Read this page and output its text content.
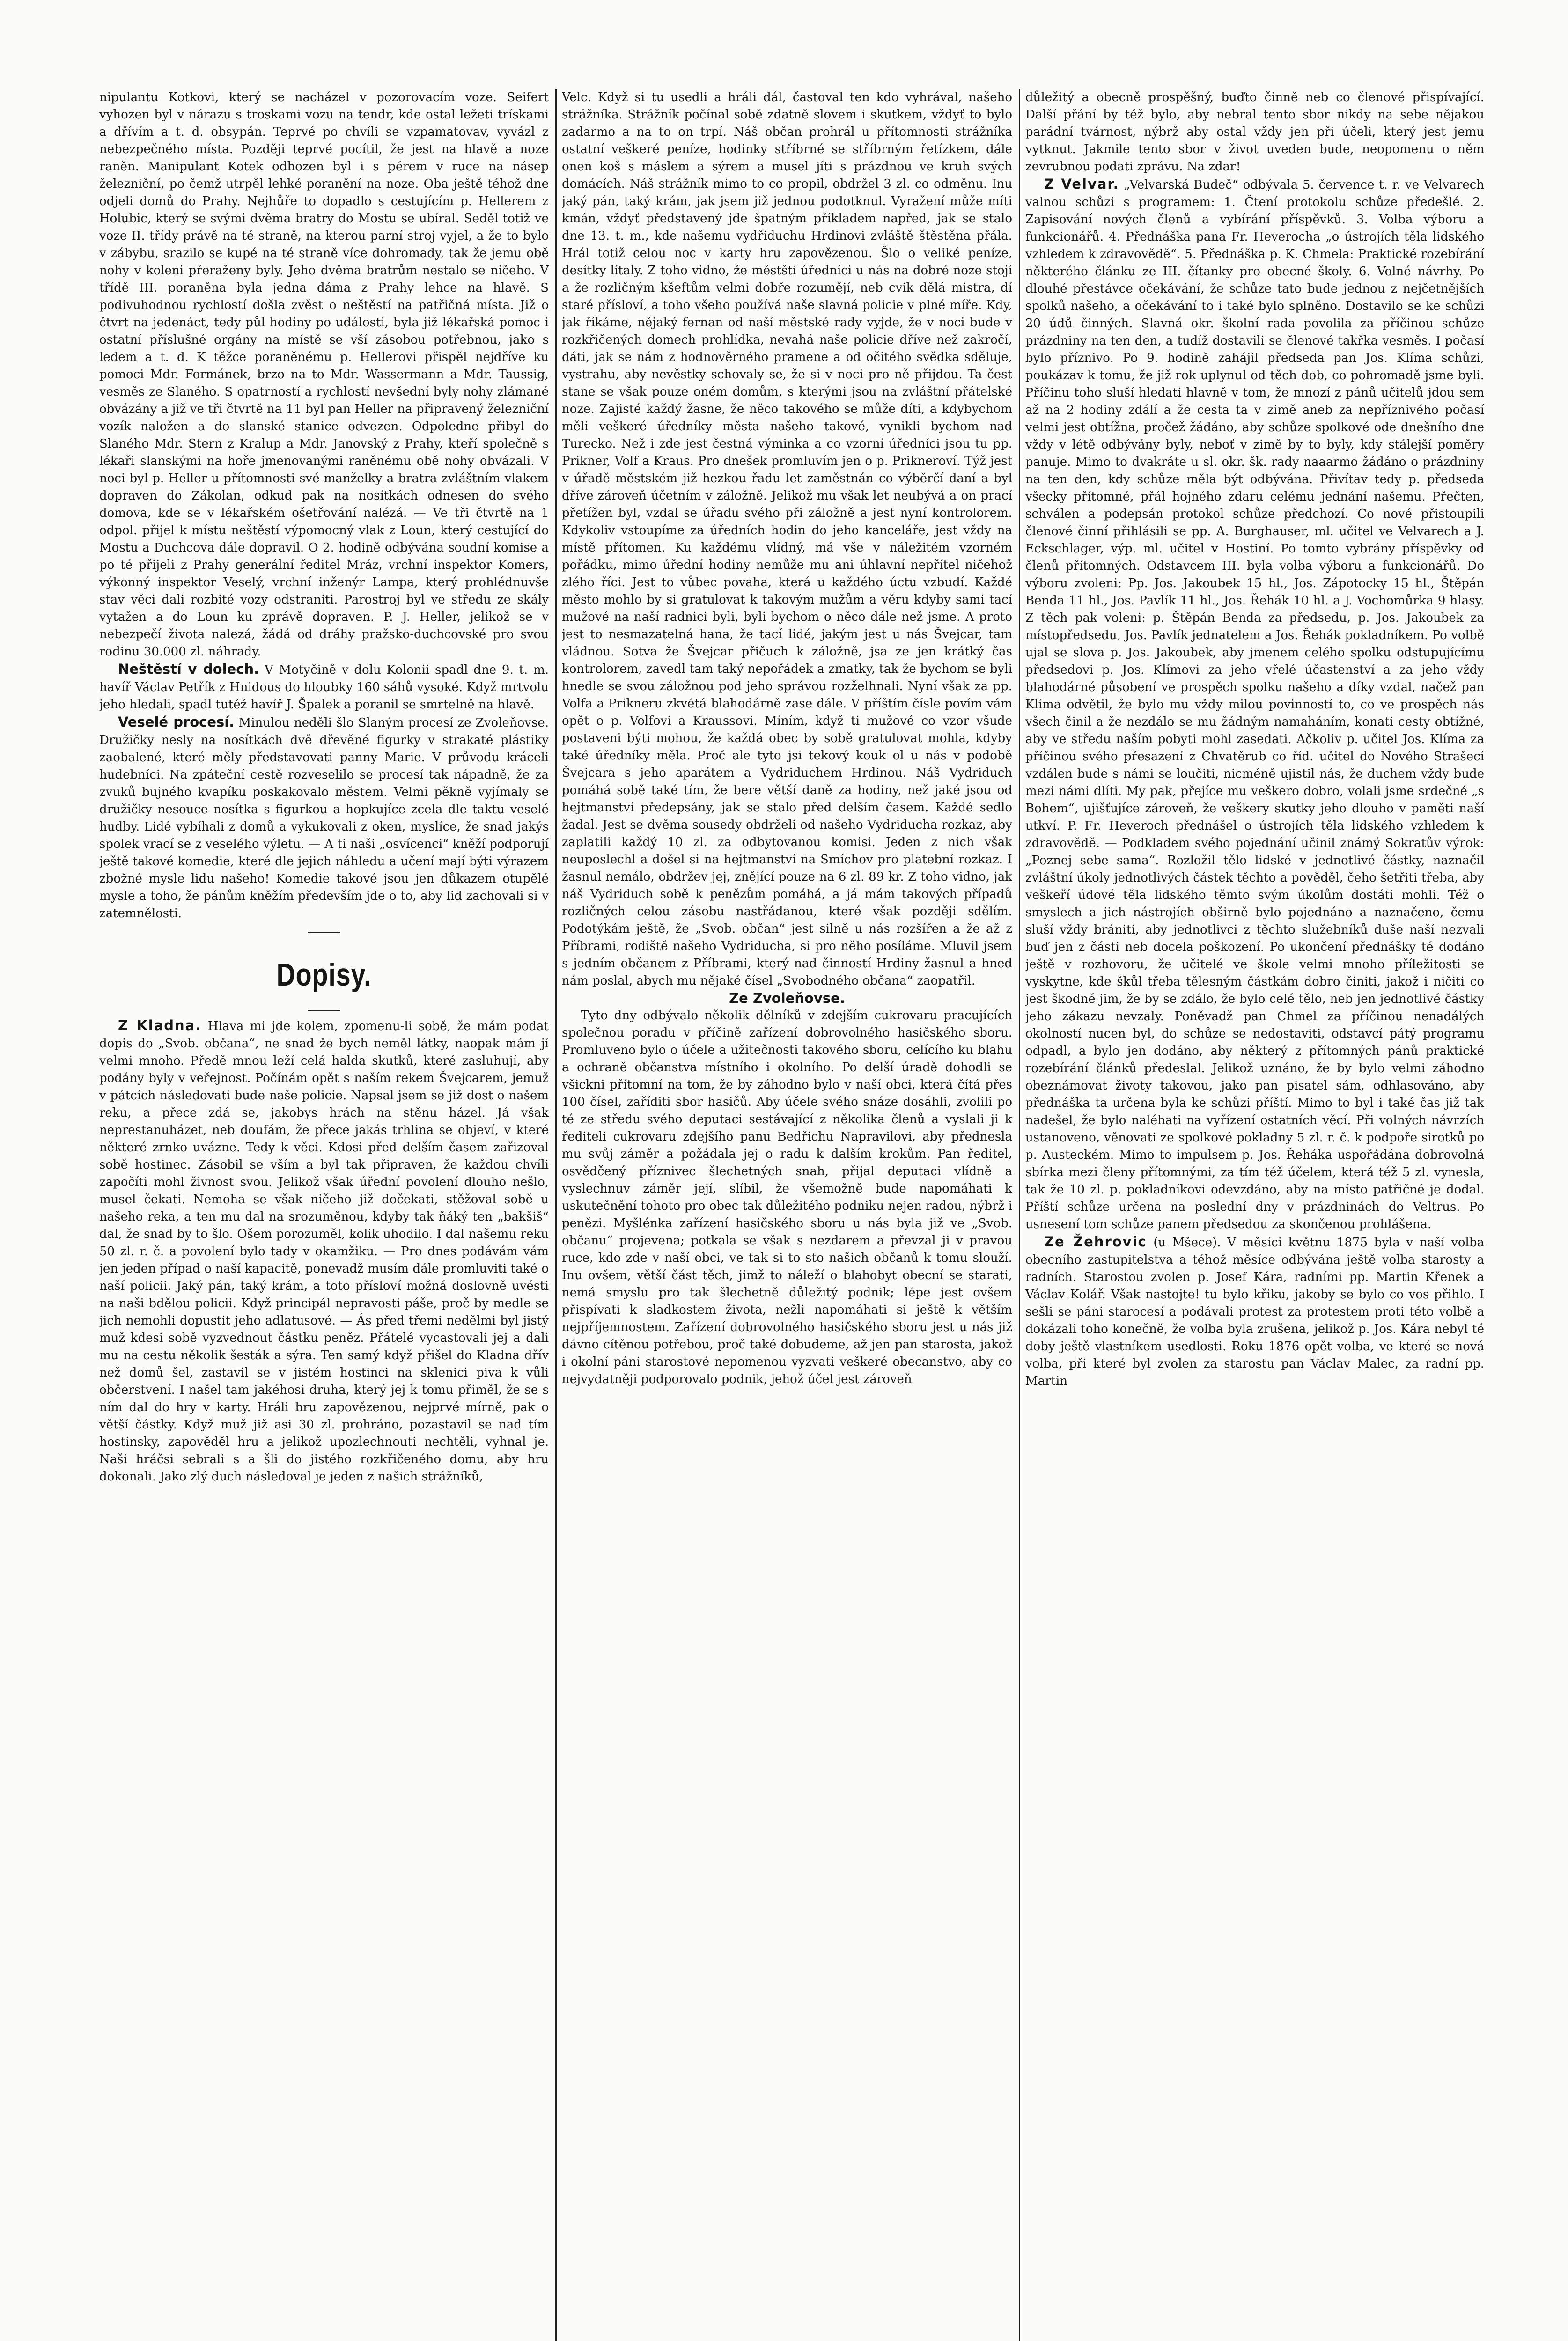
nipulantu Kotkovi, který se nacházel v pozorovacím voze. Seifert vyhozen byl v nárazu s troskami vozu na tendr, kde ostal ležeti trískami a dřívím a t. d. obsypán. Teprvé po chvíli se vzpamatovav, vyvázl z nebezpečného místa. Později teprvé pocítil, že jest na hlavě a noze raněn. Manipulant Kotek odhozen byl i s pérem v ruce na násep železniční, po čemž utrpěl lehké poranění na noze. Oba ještě téhož dne odjeli domů do Prahy. Nejhůře to dopadlo s cestujícím p. Hellerem z Holubic, který se svými dvěma bratry do Mostu se ubíral. Seděl totiž ve voze II. třídy právě na té straně, na kterou parní stroj vyjel, a že to bylo v zábybu, srazilo se kupé na té straně více dohromady, tak že jemu obě nohy v koleni přeraženy byly. Jeho dvěma bratrům nestalo se ničeho. V třídě III. poraněna byla jedna dáma z Prahy lehce na hlavě. S podivuhodnou rychlostí došla zvěst o neštěstí na patřičná místa. Již o čtvrt na jedenáct, tedy půl hodiny po události, byla již lékařská pomoc i ostatní příslušné orgány na místě se vší zásobou potřebnou, jako s ledem a t. d. K těžce poraněnému p. Hellerovi přispěl nejdříve ku pomoci Mdr. Formánek, brzo na to Mdr. Wassermann a Mdr. Taussig, vesměs ze Slaného. S opatrností a rychlostí nevšední byly nohy zlámané obvázány a již ve tři čtvrtě na 11 byl pan Heller na připravený železniční vozík naložen a do slanské stanice odvezen. Odpoledne přibyl do Slaného Mdr. Stern z Kralup a Mdr. Janovský z Prahy, kteří společně s lékaři slanskými na hoře jmenovanými raněnému obě nohy obvázali. V noci byl p. Heller u přítomnosti své manželky a bratra zvláštním vlakem dopraven do Zákolan, odkud pak na nosítkách odnesen do svého domova, kde se v lékařském ošetřování nalézá. — Ve tři čtvrtě na 1 odpol. přijel k místu neštěstí výpomocný vlak z Loun, který cestující do Mostu a Duchcova dále dopravil. O 2. hodině odbývána soudní komise a po té přijeli z Prahy generální ředitel Mráz, vrchní inspektor Komers, výkonný inspektor Veselý, vrchní inženýr Lampa, který prohlédnuvše stav věci dali rozbité vozy odstraniti. Parostroj byl ve středu ze skály vytažen a do Loun ku zprávě dopraven. P. J. Heller, jelikož se v nebezpečí života nalezá, žádá od dráhy pražsko-duchcovské pro svou rodinu 30.000 zl. náhrady.

Neštěstí v dolech. V Motyčině v dolu Kolonii spadl dne 9. t. m. havíř Václav Petřík z Hnidous do hloubky 160 sáhů vysoké. Když mrtvolu jeho hledali, spadl tutéž havíř J. Špalek a poranil se smrtelně na hlavě.

Veselé procesí. Minulou neděli šlo Slaným procesí ze Zvoleňovse. Družičky nesly na nosítkách dvě dřevěné figurky v strakaté plástiky zaobalené, které měly představovati panny Marie. V průvodu kráceli hudebníci. Na zpáteční cestě rozveselilo se procesí tak nápadně, že za zvuků bujného kvapíku poskakovalo městem. Velmi pěkně vyjímaly se družičky nesouce nosítka s figurkou a hopkujíce zcela dle taktu veselé hudby. Lidé vybíhali z domů a vykukovali z oken, myslíce, že snad jakýs spolek vrací se z veselého výletu. — A ti naši „osvícenci“ kněží podporují ještě takové komedie, které dle jejich náhledu a učení mají býti výrazem zbožné mysle lidu našeho! Komedie takové jsou jen důkazem otupělé mysle a toho, že pánům kněžím především jde o to, aby lid zachovali si v zatemnělosti.

Dopisy.

Z Kladna. Hlava mi jde kolem, zpomenu-li sobě, že mám podat dopis do „Svob. občana“, ne snad že bych neměl látky, naopak mám jí velmi mnoho. Předě mnou leží celá halda skutků, které zasluhují, aby podány byly v veřejnost. Počínám opět s naším rekem Švejcarem, jemuž v pátcích následovati bude naše policie. Napsal jsem se již dost o našem reku, a přece zdá se, jakobys hrách na stěnu házel. Já však neprestanuházet, neb doufám, že přece jakás trhlina se objeví, v které některé zrnko uvázne. Tedy k věci. Kdosi před delším časem zařizoval sobě hostinec. Zásobil se vším a byl tak připraven, že každou chvíli započíti mohl živnost svou. Jelikož však úřední povolení dlouho nešlo, musel čekati. Nemoha se však ničeho již dočekati, stěžoval sobě u našeho reka, a ten mu dal na srozuměnou, kdyby tak ňáký ten „bakšiš“ dal, že snad by to šlo. Ošem porozuměl, kolik uhodilo. I dal našemu reku 50 zl. r. č. a povolení bylo tady v okamžiku. — Pro dnes podávám vám jen jeden případ o naší kapacitě, ponevadž musím dále promluviti také o naší policii. Jaký pán, taký krám, a toto přísloví možná doslovně uvésti na naši bdělou policii. Když principál nepravosti páše, proč by medle se jich nemohli dopustit jeho adlatusové. — Ás před třemi nedělmi byl jistý muž kdesi sobě vyzvednout částku peněz. Přátelé vycastovali jej a dali mu na cestu několik šesták a sýra. Ten samý když přišel do Kladna dřív než domů šel, zastavil se v jistém hostinci na sklenici piva k vůli občerstvení. I našel tam jakéhosi druha, který jej k tomu přiměl, že se s ním dal do hry v karty. Hráli hru zapovězenou, nejprvé mírně, pak o větší částky. Když muž již asi 30 zl. prohráno, pozastavil se nad tím hostinsky, zapověděl hru a jelikož upozlechnouti nechtěli, vyhnal je. Naši hráčsi sebrali s a šli do jistého rozkřičeného domu, aby hru dokonali. Jako zlý duch následoval je jeden z našich strážníků,

Velc. Když si tu usedli a hráli dál, častoval ten kdo vyhrával, našeho strážníka. Strážník počínal sobě zdatně slovem i skutkem, vždyť to bylo zadarmo a na to on trpí. Náš občan prohrál u přítomnosti strážníka ostatní veškeré peníze, hodinky stříbrné se stříbrným řetízkem, dále onen koš s máslem a sýrem a musel jíti s prázdnou ve kruh svých domácích. Náš strážník mimo to co propil, obdržel 3 zl. co odměnu. Inu jaký pán, taký krám, jak jsem již jednou podotknul. Vyražení může míti kmán, vždyť představený jde špatným příkladem napřed, jak se stalo dne 13. t. m., kde našemu vydřiduchu Hrdinovi zvláště štěstěna přála. Hrál totiž celou noc v karty hru zapovězenou. Šlo o veliké peníze, desítky lítaly. Z toho vidno, že městští úředníci u nás na dobré noze stojí a že rozličným kšeftům velmi dobře rozumějí, neb cvik dělá mistra, dí staré přísloví, a toho všeho používá naše slavná policie v plné míře. Kdy, jak říkáme, nějaký fernan od naší městské rady vyjde, že v noci bude v rozkřičených domech prohlídka, nevahá naše policie dříve než zakročí, dáti, jak se nám z hodnověrného pramene a od očitého svědka sděluje, vystrahu, aby nevěstky schovaly se, že si v noci pro ně přijdou. Ta čest stane se však pouze oném domům, s kterými jsou na zvláštní přátelské noze. Zajisté každý žasne, že něco takového se může díti, a kdybychom měli veškeré úředníky města našeho takové, vynikli bychom nad Turecko. Než i zde jest čestná výminka a co vzorní úředníci jsou tu pp. Prikner, Volf a Kraus. Pro dnešek promluvím jen o p. Prikneroví. Týž jest v úřadě městském již hezkou řadu let zaměstnán co výběrčí daní a byl dříve zároveň účetním v záložně. Jelikož mu však let neubývá a on prací přetížen byl, vzdal se úřadu svého při záložně a jest nyní kontrolorem. Kdykoliv vstoupíme za úředních hodin do jeho kanceláře, jest vždy na místě přítomen. Ku každému vlídný, má vše v náležitém vzorném pořádku, mimo úřední hodiny nemůže mu ani úhlavní nepřítel ničehož zlého říci. Jest to vůbec povaha, která u každého úctu vzbudí. Každé město mohlo by si gratulovat k takovým mužům a věru kdyby sami tací mužové na naší radnici byli, byli bychom o něco dále než jsme. A proto jest to nesmazatelná hana, že tací lidé, jakým jest u nás Švejcar, tam vládnou. Sotva že Švejcar přičuch k záložně, jsa ze jen krátký čas kontrolorem, zavedl tam taký nepořádek a zmatky, tak že bychom se byli hnedle se svou záložnou pod jeho správou rozželhnali. Nyní však za pp. Volfa a Prikneru zkvétá blahodárně zase dále. V příštím čísle povím vám opět o p. Volfovi a Kraussovi. Míním, když ti mužové co vzor všude postaveni býti mohou, že každá obec by sobě gratulovat mohla, kdyby také úředníky měla. Proč ale tyto jsi tekový kouk ol u nás v podobě Švejcara s jeho aparátem a Vydriduchem Hrdinou. Náš Vydriduch pomáhá sobě také tím, že bere větší daně za hodiny, než jaké jsou od hejtmanství předepsány, jak se stalo před delším časem. Každé sedlo žadal. Jest se dvěma sousedy obdrželi od našeho Vydriducha rozkaz, aby zaplatili každý 10 zl. za odbytovanou komisi. Jeden z nich však neuposlechl a došel si na hejtmanství na Smíchov pro platební rozkaz. I žasnul nemálo, obdržev jej, znějící pouze na 6 zl. 89 kr. Z toho vidno, jak náš Vydriduch sobě k penězům pomáhá, a já mám takových případů rozličných celou zásobu nastřádanou, které však později sdělím. Podotýkám ještě, že „Svob. občan“ jest silně u nás rozšířen a že až z Příbrami, rodiště našeho Vydriducha, si pro něho posíláme. Mluvil jsem s jedním občanem z Příbrami, který nad činností Hrdiny žasnul a hned nám poslal, abych mu nějaké čísel „Svobodného občana“ zaopatřil.

Ze Zvoleňovse.

Tyto dny odbývalo několik dělníků v zdejším cukrovaru pracujících společnou poradu v příčině zařízení dobrovolného hasičského sboru. Promluveno bylo o účele a užitečnosti takového sboru, celícího ku blahu a ochraně občanstva místního i okolního. Po delší úradě dohodli se všickni přítomní na tom, že by záhodno bylo v naší obci, která čítá přes 100 čísel, zaříditi sbor hasičů. Aby účele svého snáze dosáhli, zvolili po té ze středu svého deputaci sestávající z několika členů a vyslali ji k řediteli cukrovaru zdejšího panu Bedřichu Napravilovi, aby přednesla mu svůj záměr a požádala jej o radu k dalším krokům. Pan ředitel, osvědčený příznivec šlechetných snah, přijal deputaci vlídně a vyslechnuv záměr její, slíbil, že všemožně bude napomáhati k uskutečnění tohoto pro obec tak důležitého podniku nejen radou, nýbrž i penězi. Myšlénka zařízení hasičského sboru u nás byla již ve „Svob. občanu“ projevena; potkala se však s nezdarem a převzal ji v pravou ruce, kdo zde v naší obci, ve tak si to sto našich občanů k tomu slouží. Inu ovšem, větší část těch, jimž to náleží o blahobyt obecní se starati, nemá smyslu pro tak šlechetně důležitý podnik; lépe jest ovšem přispívati k sladkostem života, nežli napomáhati si ještě k větším nejpříjemnostem. Zařízení dobrovolného hasičského sboru jest u nás již dávno cítěnou potřebou, proč také dobudeme, až jen pan starosta, jakož i okolní páni starostové nepomenou vyzvati veškeré obecanstvo, aby co nejvydatněji podporovalo podnik, jehož účel jest zároveň

důležitý a obecně prospěšný, buďto činně neb co členové přispívající. Další přání by též bylo, aby nebral tento sbor nikdy na sebe nějakou parádní tvárnost, nýbrž aby ostal vždy jen při účeli, který jest jemu vytknut. Jakmile tento sbor v život uveden bude, neopomenu o něm zevrubnou podati zprávu. Na zdar!

Z Velvar. „Velvarská Budeč“ odbývala 5. července t. r. ve Velvarech valnou schůzi s programem: 1. Čtení protokolu schůze předešlé. 2. Zapisování nových členů a vybírání příspěvků. 3. Volba výboru a funkcionářů. 4. Přednáška pana Fr. Heverocha „o ústrojích těla lidského vzhledem k zdravovědě“. 5. Přednáška p. K. Chmela: Praktické rozebírání některého článku ze III. čítanky pro obecné školy. 6. Volné návrhy. Po dlouhé přestávce očekávání, že schůze tato bude jednou z nejčetnějších spolků našeho, a očekávání to i také bylo splněno. Dostavilo se ke schůzi 20 údů činných. Slavná okr. školní rada povolila za příčinou schůze prázdniny na ten den, a tudíž dostavili se členové takřka vesměs. I počasí bylo příznivo. Po 9. hodině zahájil předseda pan Jos. Klíma schůzi, poukázav k tomu, že již rok uplynul od těch dob, co pohromadě jsme byli. Příčinu toho sluší hledati hlavně v tom, že mnozí z pánů učitelů jdou sem až na 2 hodiny zdálí a že cesta ta v zimě aneb za nepříznivého počasí velmi jest obtížna, pročež žádáno, aby schůze spolkové ode dnešního dne vždy v létě odbývány byly, neboť v zimě by to byly, kdy stálejší poměry panuje. Mimo to dvakráte u sl. okr. šk. rady naaarmo žádáno o prázdniny na ten den, kdy schůze měla být odbývána. Přivítav tedy p. předseda všecky přítomné, přál hojného zdaru celému jednání našemu. Přečten, schválen a podepsán protokol schůze předchozí. Co nové přistoupili členové činní přihlásili se pp. A. Burghauser, ml. učitel ve Velvarech a J. Eckschlager, výp. ml. učitel v Hostiní. Po tomto vybrány příspěvky od členů přítomných. Odstavcem III. byla volba výboru a funkcionářů. Do výboru zvoleni: Pp. Jos. Jakoubek 15 hl., Jos. Zápotocky 15 hl., Štěpán Benda 11 hl., Jos. Pavlík 11 hl., Jos. Řehák 10 hl. a J. Vochomůrka 9 hlasy. Z těch pak voleni: p. Štěpán Benda za předsedu, p. Jos. Jakoubek za místopředsedu, Jos. Pavlík jednatelem a Jos. Řehák pokladníkem. Po volbě ujal se slova p. Jos. Jakoubek, aby jmenem celého spolku odstupujícímu předsedovi p. Jos. Klímovi za jeho vřelé účastenství a za jeho vždy blahodárné působení ve prospěch spolku našeho a díky vzdal, načež pan Klíma odvětil, že bylo mu vždy milou povinností to, co ve prospěch nás všech činil a že nezdálo se mu žádným namaháním, konati cesty obtížné, aby ve středu naším pobyti mohl zasedati. Ačkoliv p. učitel Jos. Klíma za příčinou svého přesazení z Chvatěrub co říd. učitel do Nového Strašecí vzdálen bude s námi se loučiti, nicméně ujistil nás, že duchem vždy bude mezi námi dlíti. My pak, přejíce mu veškero dobro, volali jsme srdečné „s Bohem“, ujišťujíce zároveň, že veškery skutky jeho dlouho v paměti naší utkví. P. Fr. Heveroch přednášel o ústrojích těla lidského vzhledem k zdravovědě. — Podkladem svého pojednání učinil známý Sokratův výrok: „Poznej sebe sama“. Rozložil tělo lidské v jednotlivé částky, naznačil zvláštní úkoly jednotlivých částek těchto a pověděl, čeho šetřiti třeba, aby veškeří údové těla lidského těmto svým úkolům dostáti mohli. Též o smyslech a jich nástrojích obširně bylo pojednáno a naznačeno, čemu sluší vždy brániti, aby jednotlivci z těchto služebníků duše naší nezvali buď jen z části neb docela poškození. Po ukončení přednášky té dodáno ještě v rozhovoru, že učitelé ve škole velmi mnoho příležitosti se vyskytne, kde škůl třeba tělesným částkám dobro činiti, jakož i ničiti co jest škodné jim, že by se zdálo, že bylo celé tělo, neb jen jednotlivé částky jeho zákazu nevzaly. Poněvadž pan Chmel za příčinou nenadálých okolností nucen byl, do schůze se nedostaviti, odstavcí pátý programu odpadl, a bylo jen dodáno, aby některý z přítomných pánů praktické rozebírání článků předeslal. Jelikož uznáno, že by bylo velmi záhodno obeznámovat životy takovou, jako pan pisatel sám, odhlasováno, aby přednáška ta určena byla ke schůzi příští. Mimo to byl i také čas již tak nadešel, že bylo naléhati na vyřízení ostatních věcí. Při volných návrzích ustanoveno, věnovati ze spolkové pokladny 5 zl. r. č. k podpoře sirotků po p. Austeckém. Mimo to impulsem p. Jos. Řeháka uspořádána dobrovolná sbírka mezi členy přítomnými, za tím též účelem, která též 5 zl. vynesla, tak že 10 zl. p. pokladníkovi odevzdáno, aby na místo patřičné je dodal. Příští schůze určena na poslední dny v prázdninách do Veltrus. Po usnesení tom schůze panem předsedou za skončenou prohlášena.

Ze Žehrovic (u Mšece). V měsíci květnu 1875 byla v naší volba obecního zastupitelstva a téhož měsíce odbývána ještě volba starosty a radních. Starostou zvolen p. Josef Kára, radními pp. Martin Křenek a Václav Kolář. Však nastojte! tu bylo křiku, jakoby se bylo co vos přihlo. I sešli se páni starocesí a podávali protest za protestem proti této volbě a dokázali toho konečně, že volba byla zrušena, jelikož p. Jos. Kára nebyl té doby ještě vlastníkem usedlosti. Roku 1876 opět volba, ve které se nová volba, při které byl zvolen za starostu pan Václav Malec, za radní pp. Martin
